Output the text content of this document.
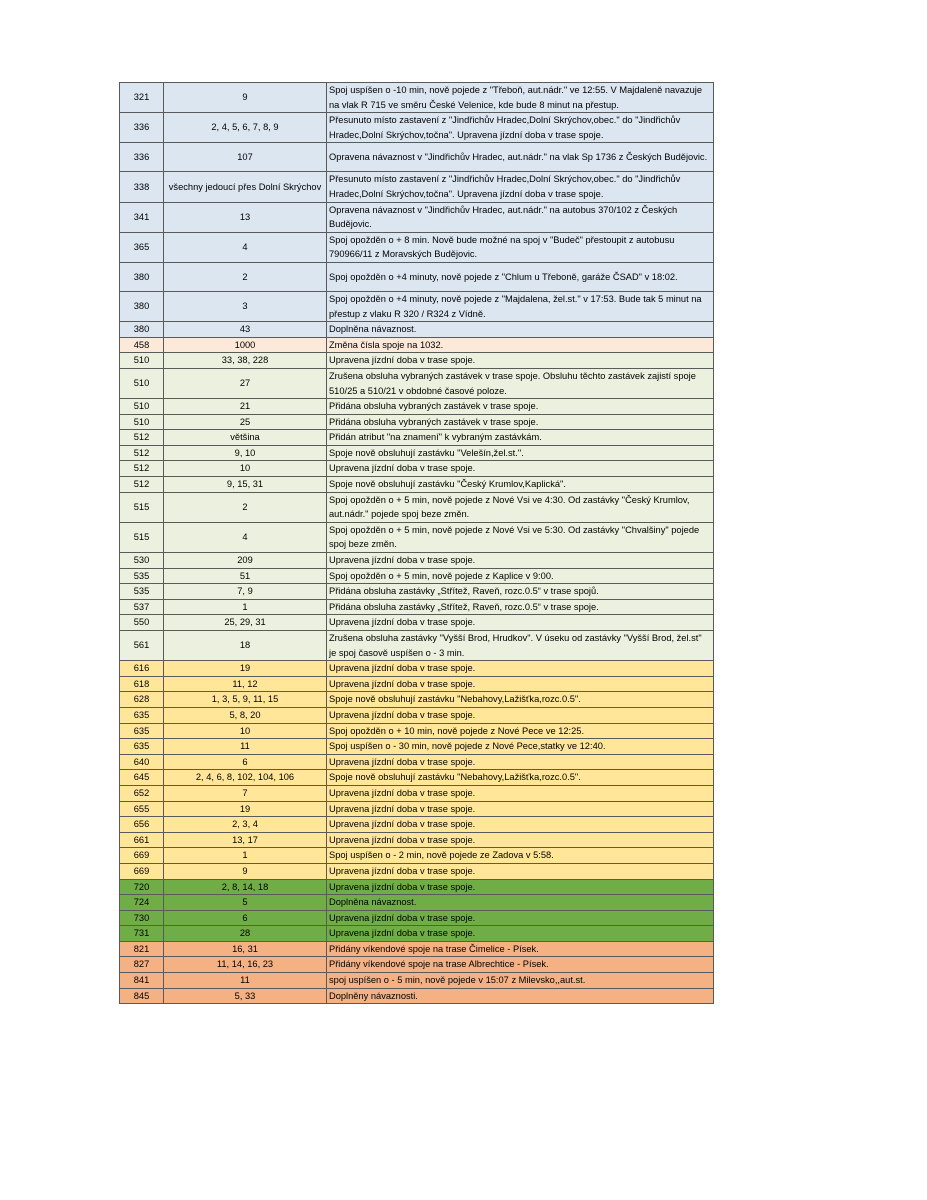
321	9	Spoj uspíšen o -10 min, nově pojede z "Třeboň, aut.nádr." ve 12:55. V Majdaleně navazuje na vlak R 715 ve směru České Velenice, kde bude 8 minut na přestup.
336	2, 4, 5, 6, 7, 8, 9	Přesunuto místo zastavení z "Jindřichův Hradec,Dolní Skrýchov,obec." do "Jindřichův Hradec,Dolní Skrýchov,točna". Upravena jízdní doba v trase spoje.
336	107	Opravena návaznost v "Jindřichův Hradec, aut.nádr." na vlak Sp 1736 z Českých Budějovic.
338	všechny jedoucí přes Dolní Skrýchov	Přesunuto místo zastavení z "Jindřichův Hradec,Dolní Skrýchov,obec." do "Jindřichův Hradec,Dolní Skrýchov,točna". Upravena jízdní doba v trase spoje.
341	13	Opravena návaznost v "Jindřichův Hradec, aut.nádr." na autobus 370/102 z Českých Budějovic.
365	4	Spoj opožděn o + 8 min. Nově bude možné na spoj v "Budeč" přestoupit z autobusu 790966/11 z Moravských Budějovic.
380	2	Spoj opožděn o +4 minuty, nově pojede z "Chlum u Třeboně, garáže ČSAD" v 18:02.
380	3	Spoj opožděn o +4 minuty, nově pojede z "Majdalena, žel.st." v 17:53. Bude tak 5 minut na přestup z vlaku R 320 / R324 z Vídně.
380	43	Doplněna návaznost.
458	1000	Změna čísla spoje na 1032.
510	33, 38, 228	Upravena jízdní doba v trase spoje.
510	27	Zrušena obsluha vybraných zastávek v trase spoje. Obsluhu těchto zastávek zajistí spoje 510/25 a 510/21 v obdobné časové poloze.
510	21	Přidána obsluha vybraných zastávek v trase spoje.
510	25	Přidána obsluha vybraných zastávek v trase spoje.
512	většina	Přidán atribut "na znamení" k vybraným zastávkám.
512	9, 10	Spoje nově obsluhují zastávku "Velešín,žel.st.".
512	10	Upravena jízdní doba v trase spoje.
512	9, 15, 31	Spoje nově obsluhují zastávku "Český Krumlov,Kaplická".
515	2	Spoj opožděn o + 5 min, nově pojede z Nové Vsi ve 4:30. Od zastávky "Český Krumlov, aut.nádr." pojede spoj beze změn.
515	4	Spoj opožděn o + 5 min, nově pojede z Nové Vsi ve 5:30. Od zastávky "Chvalšiny" pojede spoj beze změn.
530	209	Upravena jízdní doba v trase spoje.
535	51	Spoj opožděn o + 5 min, nově pojede z Kaplice v 9:00.
535	7, 9	Přidána obsluha zastávky „Střítež, Raveň, rozc.0.5“ v trase spojů.
537	1	Přidána obsluha zastávky „Střítež, Raveň, rozc.0.5“ v trase spoje.
550	25, 29, 31	Upravena jízdní doba v trase spoje.
561	18	Zrušena obsluha zastávky "Vyšší Brod, Hrudkov". V úseku od zastávky "Vyšší Brod, žel.st" je spoj časově uspíšen o - 3 min.
616	19	Upravena jízdní doba v trase spoje.
618	11, 12	Upravena jízdní doba v trase spoje.
628	1, 3, 5, 9, 11, 15	Spoje nově obsluhují zastávku "Nebahovy,Lažišťka,rozc.0.5".
635	5, 8, 20	Upravena jízdní doba v trase spoje.
635	10	Spoj opožděn o + 10 min, nově pojede z Nové Pece ve 12:25.
635	11	Spoj uspíšen o - 30 min, nově pojede z Nové Pece,statky ve 12:40.
640	6	Upravena jízdní doba v trase spoje.
645	2, 4, 6, 8, 102, 104, 106	Spoje nově obsluhují zastávku "Nebahovy,Lažišťka,rozc.0.5".
652	7	Upravena jízdní doba v trase spoje.
655	19	Upravena jízdní doba v trase spoje.
656	2, 3, 4	Upravena jízdní doba v trase spoje.
661	13, 17	Upravena jízdní doba v trase spoje.
669	1	Spoj uspíšen o - 2 min, nově pojede ze Zadova v 5:58.
669	9	Upravena jízdní doba v trase spoje.
720	2, 8, 14, 18	Upravena jízdní doba v trase spoje.
724	5	Doplněna návaznost.
730	6	Upravena jízdní doba v trase spoje.
731	28	Upravena jízdní doba v trase spoje.
821	16, 31	Přidány víkendové spoje na trase Čimelice - Písek.
827	11, 14, 16, 23	Přidány víkendové spoje na trase Albrechtice - Písek.
841	11	spoj uspíšen o - 5 min, nově pojede v 15:07 z Milevsko,,aut.st.
845	5, 33	Doplněny návaznosti.
